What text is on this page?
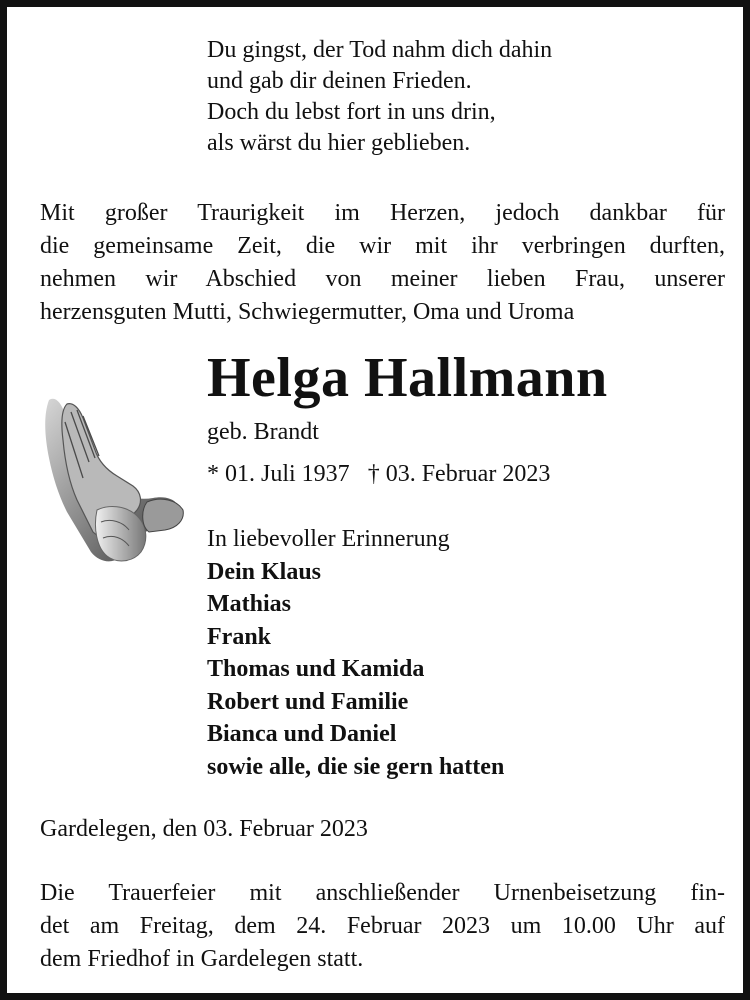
Du gingst, der Tod nahm dich dahin
und gab dir deinen Frieden.
Doch du lebst fort in uns drin,
als wärst du hier geblieben.
Mit großer Traurigkeit im Herzen, jedoch dankbar für
die gemeinsame Zeit, die wir mit ihr verbringen durften,
nehmen wir Abschied von meiner lieben Frau, unserer
herzensguten Mutti, Schwiegermutter, Oma und Uroma
Helga Hallmann
geb. Brandt
* 01. Juli 1937 † 03. Februar 2023
In liebevoller Erinnerung
Dein Klaus
Mathias
Frank
Thomas und Kamida
Robert und Familie
Bianca und Daniel
sowie alle, die sie gern hatten
Gardelegen, den 03. Februar 2023
Die Trauerfeier mit anschließender Urnenbeisetzung fin-
det am Freitag, dem 24. Februar 2023 um 10.00 Uhr auf
dem Friedhof in Gardelegen statt.
